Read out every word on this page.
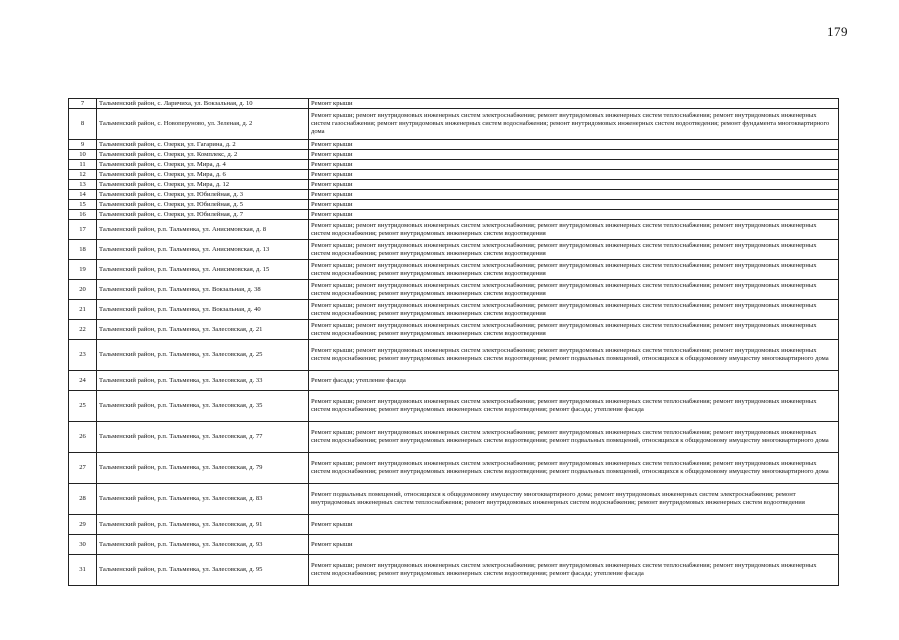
179
7	Тальменский район, с. Ларичиха, ул. Вокзальная, д. 10	Ремонт крыши
8	Тальменский район, с. Новоперуново, ул. Зеленая, д. 2	Ремонт крыши; ремонт внутридомовых инженерных систем электроснабжения; ремонт внутридомовых инженерных систем теплоснабжения; ремонт внутридомовых инженерных систем газоснабжения; ремонт внутридомовых инженерных систем водоснабжения; ремонт внутридомовых инженерных систем водоотведения; ремонт фундамента многоквартирного дома
9	Тальменский район, с. Озерки, ул. Гагарина, д. 2	Ремонт крыши
10	Тальменский район, с. Озерки, ул. Комплекс, д. 2	Ремонт крыши
11	Тальменский район, с. Озерки, ул. Мира, д. 4	Ремонт крыши
12	Тальменский район, с. Озерки, ул. Мира, д. 6	Ремонт крыши
13	Тальменский район, с. Озерки, ул. Мира, д. 12	Ремонт крыши
14	Тальменский район, с. Озерки, ул. Юбилейная, д. 3	Ремонт крыши
15	Тальменский район, с. Озерки, ул. Юбилейная, д. 5	Ремонт крыши
16	Тальменский район, с. Озерки, ул. Юбилейная, д. 7	Ремонт крыши
17	Тальменский район, р.п. Тальменка, ул. Анисимовская, д. 8	Ремонт крыши; ремонт внутридомовых инженерных систем электроснабжения; ремонт внутридомовых инженерных систем теплоснабжения; ремонт внутридомовых инженерных систем водоснабжения; ремонт внутридомовых инженерных систем водоотведения
18	Тальменский район, р.п. Тальменка, ул. Анисимовская, д. 13	Ремонт крыши; ремонт внутридомовых инженерных систем электроснабжения; ремонт внутридомовых инженерных систем теплоснабжения; ремонт внутридомовых инженерных систем водоснабжения; ремонт внутридомовых инженерных систем водоотведения
19	Тальменский район, р.п. Тальменка, ул. Анисимовская, д. 15	Ремонт крыши; ремонт внутридомовых инженерных систем электроснабжения; ремонт внутридомовых инженерных систем теплоснабжения; ремонт внутридомовых инженерных систем водоснабжения; ремонт внутридомовых инженерных систем водоотведения
20	Тальменский район, р.п. Тальменка, ул. Вокзальная, д. 38	Ремонт крыши; ремонт внутридомовых инженерных систем электроснабжения; ремонт внутридомовых инженерных систем теплоснабжения; ремонт внутридомовых инженерных систем водоснабжения; ремонт внутридомовых инженерных систем водоотведения
21	Тальменский район, р.п. Тальменка, ул. Вокзальная, д. 40	Ремонт крыши; ремонт внутридомовых инженерных систем электроснабжения; ремонт внутридомовых инженерных систем теплоснабжения; ремонт внутридомовых инженерных систем водоснабжения; ремонт внутридомовых инженерных систем водоотведения
22	Тальменский район, р.п. Тальменка, ул. Залесовская, д. 21	Ремонт крыши; ремонт внутридомовых инженерных систем электроснабжения; ремонт внутридомовых инженерных систем теплоснабжения; ремонт внутридомовых инженерных систем водоснабжения; ремонт внутридомовых инженерных систем водоотведения
23	Тальменский район, р.п. Тальменка, ул. Залесовская, д. 25	Ремонт крыши; ремонт внутридомовых инженерных систем электроснабжения; ремонт внутридомовых инженерных систем теплоснабжения; ремонт внутридомовых инженерных систем водоснабжения; ремонт внутридомовых инженерных систем водоотведения; ремонт подвальных помещений, относящихся к общедомовому имуществу многоквартирного дома
24	Тальменский район, р.п. Тальменка, ул. Залесовская, д. 33	Ремонт фасада; утепление фасада
25	Тальменский район, р.п. Тальменка, ул. Залесовская, д. 35	Ремонт крыши; ремонт внутридомовых инженерных систем электроснабжения; ремонт внутридомовых инженерных систем теплоснабжения; ремонт внутридомовых инженерных систем водоснабжения; ремонт внутридомовых инженерных систем водоотведения; ремонт фасада; утепление фасада
26	Тальменский район, р.п. Тальменка, ул. Залесовская, д. 77	Ремонт крыши; ремонт внутридомовых инженерных систем электроснабжения; ремонт внутридомовых инженерных систем теплоснабжения; ремонт внутридомовых инженерных систем водоснабжения; ремонт внутридомовых инженерных систем водоотведения; ремонт подвальных помещений, относящихся к общедомовому имуществу многоквартирного дома
27	Тальменский район, р.п. Тальменка, ул. Залесовская, д. 79	Ремонт крыши; ремонт внутридомовых инженерных систем электроснабжения; ремонт внутридомовых инженерных систем теплоснабжения; ремонт внутридомовых инженерных систем водоснабжения; ремонт внутридомовых инженерных систем водоотведения; ремонт подвальных помещений, относящихся к общедомовому имуществу многоквартирного дома
28	Тальменский район, р.п. Тальменка, ул. Залесовская, д. 83	Ремонт подвальных помещений, относящихся к общедомовому имуществу многоквартирного дома; ремонт внутридомовых инженерных систем электроснабжения; ремонт внутридомовых инженерных систем теплоснабжения; ремонт внутридомовых инженерных систем водоснабжения; ремонт внутридомовых инженерных систем водоотведения
29	Тальменский район, р.п. Тальменка, ул. Залесовская, д. 91	Ремонт крыши
30	Тальменский район, р.п. Тальменка, ул. Залесовская, д. 93	Ремонт крыши
31	Тальменский район, р.п. Тальменка, ул. Залесовская, д. 95	Ремонт крыши; ремонт внутридомовых инженерных систем электроснабжения; ремонт внутридомовых инженерных систем теплоснабжения; ремонт внутридомовых инженерных систем водоснабжения; ремонт внутридомовых инженерных систем водоотведения; ремонт фасада; утепление фасада
